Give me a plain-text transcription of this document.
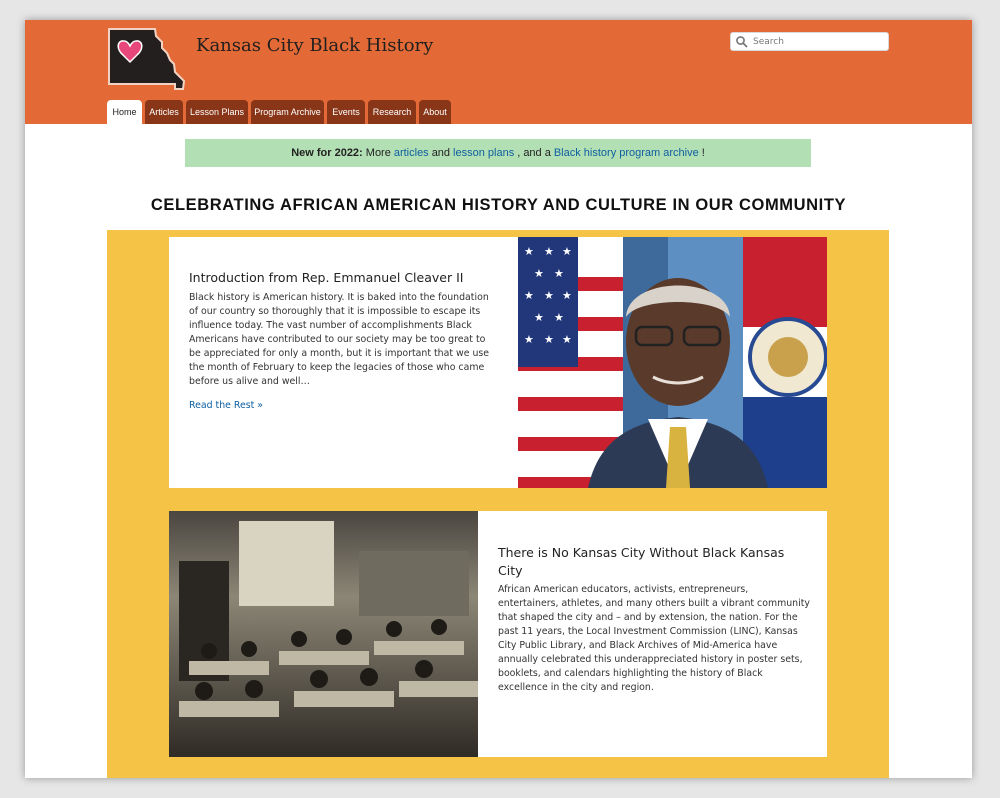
Kansas City Black History
Search
Home	Articles	Lesson Plans	Program Archive	Events	Research	About
New for 2022:
More articles and lesson plans , and a Black history program archive !
CELEBRATING AFRICAN AMERICAN HISTORY AND CULTURE IN OUR COMMUNITY
Introduction from Rep. Emmanuel Cleaver II
Black history is American history. It is baked into the foundation of our country so thoroughly that it is impossible to escape its influence today. The vast number of accomplishments Black Americans have contributed to our society may be too great to be appreciated for only a month, but it is important that we use the month of February to keep the legacies of those who came before us alive and well…
Read the Rest »
★ ★ ★
★ ★
★ ★ ★
★ ★
★ ★ ★
There is No Kansas City Without Black Kansas City
African American educators, activists, entrepreneurs, entertainers, athletes, and many others built a vibrant community that shaped the city and – and by extension, the nation. For the past 11 years, the Local Investment Commission (LINC), Kansas City Public Library, and Black Archives of Mid-America have annually celebrated this underappreciated history in poster sets, booklets, and calendars highlighting the history of Black excellence in the city and region.
